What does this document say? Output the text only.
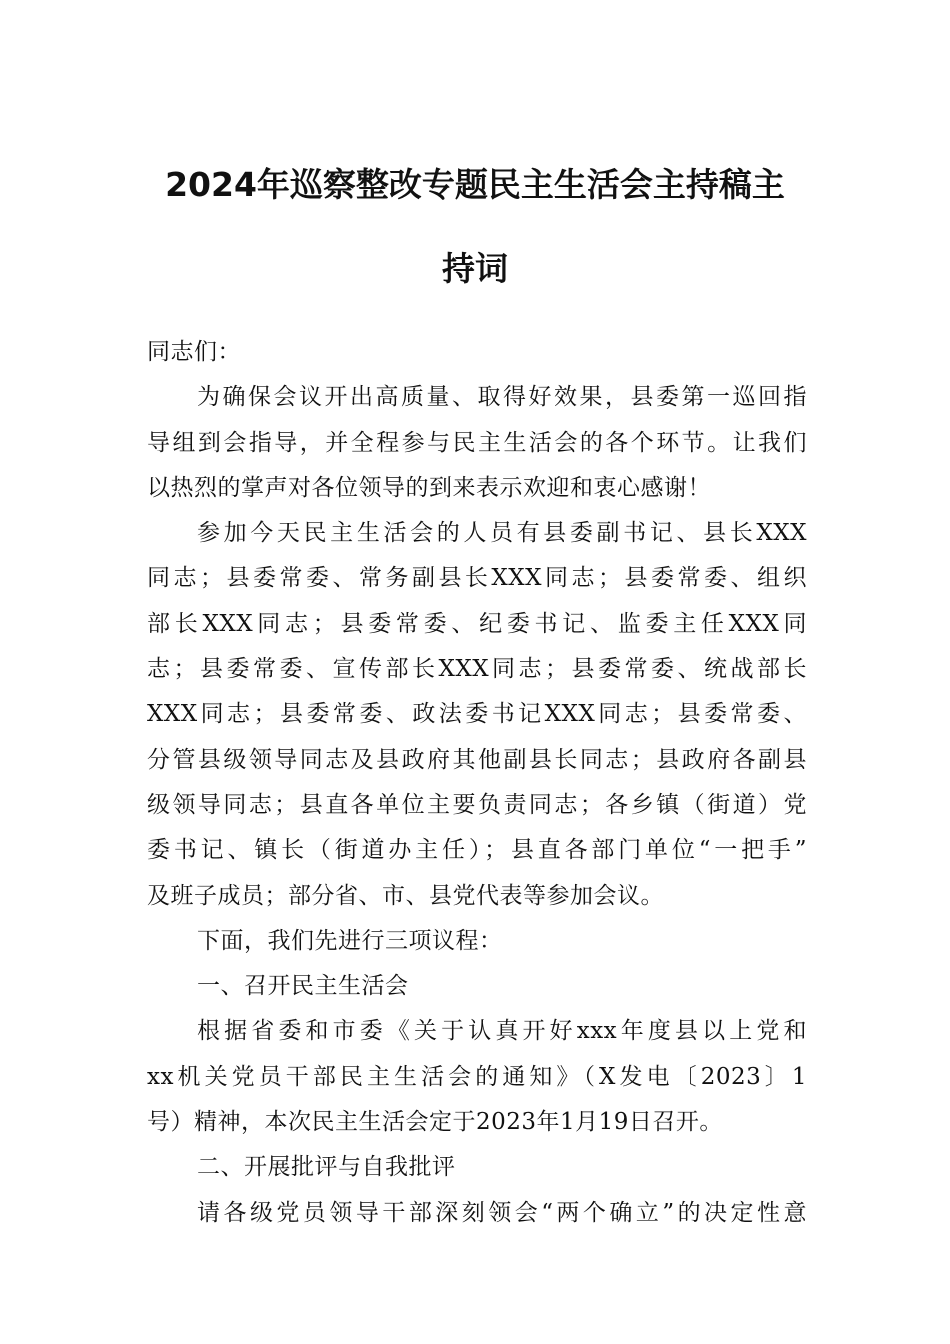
2024年巡察整改专题民主生活会主持稿主
持词
同志们：
为确保会议开出高质量、取得好效果，县委第一巡回指
导组到会指导，并全程参与民主生活会的各个环节。让我们
以热烈的掌声对各位领导的到来表示欢迎和衷心感谢！
参加今天民主生活会的人员有县委副书记、县长XXX
同志；县委常委、常务副县长XXX同志；县委常委、组织
部长XXX同志；县委常委、纪委书记、监委主任XXX同
志；县委常委、宣传部长XXX同志；县委常委、统战部长
XXX同志；县委常委、政法委书记XXX同志；县委常委、
分管县级领导同志及县政府其他副县长同志；县政府各副县
级领导同志；县直各单位主要负责同志；各乡镇（街道）党
委书记、镇长（街道办主任）；县直各部门单位“一把手”
及班子成员；部分省、市、县党代表等参加会议。
下面，我们先进行三项议程：
一、召开民主生活会
根据省委和市委《关于认真开好xxx年度县以上党和
xx机关党员干部民主生活会的通知》（X发电〔2023〕1
号）精神，本次民主生活会定于2023年1月19日召开。
二、开展批评与自我批评
请各级党员领导干部深刻领会“两个确立”的决定性意
